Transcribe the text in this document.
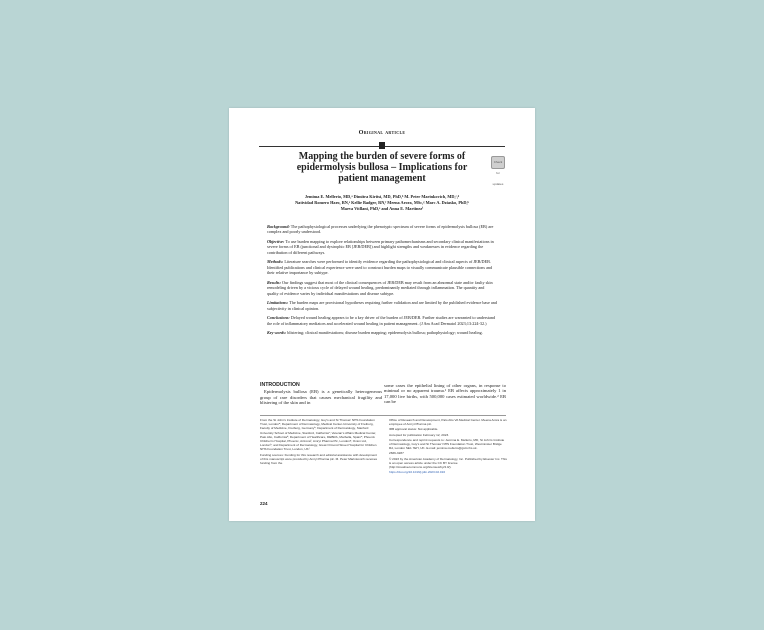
Original article
Check for updates
Mapping the burden of severe forms of
epidermolysis bullosa – Implications for
patient management
Jemima E. Mellerio, MD,ᵃ Dimitra Kiritsi, MD, PhD,ᵇ M. Peter Marinkovich, MD,ᶜ,ᵈ
Natividad Romero Haro, RN,ᵉ Kellie Badger, RN,ᶠ Meena Arora, MSc,ᵍ Marc A. Dziasko, PhD,ʰ
Maeva Vitllani, PhD,ᵉ and Anna E. Martinezⁱ

Background: The pathophysiological processes underlying the phenotypic spectrum of severe forms of epidermolysis bullosa (EB) are complex and poorly understood.

Objective: To use burden mapping to explore relationships between primary pathomechanisms and secondary clinical manifestations in severe forms of EB (junctional and dystrophic EB [JEB/DEB]) and highlight strengths and weaknesses in evidence regarding the contribution of different pathways.

Methods: Literature searches were performed to identify evidence regarding the pathophysiological and clinical aspects of JEB/DEB. Identified publications and clinical experience were used to construct burden maps to visually communicate plausible connections and their relative importance by subtype.

Results: Our findings suggest that most of the clinical consequences of JEB/DEB may result from an abnormal state and/or faulty skin remodeling driven by a vicious cycle of delayed wound healing, predominantly mediated through inflammation. The quantity and quality of evidence varies by individual manifestations and disease subtype.

Limitations: The burden maps are provisional hypotheses requiring further validation and are limited by the published evidence base and subjectivity in clinical opinion.

Conclusions: Delayed wound healing appears to be a key driver of the burden of JEB/DEB. Further studies are warranted to understand the role of inflammatory mediators and accelerated wound healing in patient management. (J Am Acad Dermatol 2023;13:224-32.)

Key words: blistering; clinical manifestations; disease burden mapping; epidermolysis bullosa; pathophysiology; wound healing.

INTRODUCTION

Epidermolysis bullosa (EB) is a genetically heterogeneous group of rare disorders that causes mechanical fragility and blistering of the skin and in

some cases the epithelial lining of other organs, in response to minimal or no apparent trauma.¹ EB affects approximately 1 in 17,000 live births, with 500,000 cases estimated worldwide.² EB can be

From the St John's Institute of Dermatology, Guy's and St Thomas' NHS Foundation Trust, Londonᵃ; Department of Dermatology, Medical Center-University of Freiburg, Faculty of Medicine, Freiburg, Germanyᵇ; Department of Dermatology, Stanford University School of Medicine, Stanford, Californiaᶜ; Veteran's Affairs Medical Center, Palo Alto, Californiaᵈ; Department of Healthcare, DEBRA, Marbella, Spainᵉ; Phoenix Children's Hospital, Phoenix, Arizonaᶠ; Amryt Pharma Plc, Londonᵍ; Oxion Ltd, Londonʰ; and Department of Dermatology, Great Ormond Street Hospital for Children NHS Foundation Trust, London, UK.ⁱ

Funding sources: Funding for this research and editorial assistance with development of this manuscript were provided by Amryt Pharma plc. M. Peter Marinkovich receives funding from the

Office of Research and Development, Palo Alto VA Medical Center. Meena Arora is an employee of Amryt Pharma plc.

IRB approval status: Not applicable.

Accepted for publication February 12, 2023.

Correspondence and reprint requests to: Jemima E. Mellerio, MD, St John's Institute of Dermatology, Guy's and St Thomas' NHS Foundation Trust, Westminster Bridge Rd, London SE1 7EH, UK. E-mail: jemima.mellerio@gstt.nhs.uk.

2666-3287

© 2023 by the American Academy of Dermatology, Inc. Published by Elsevier Inc. This is an open access article under the CC BY license (http://creativecommons.org/licenses/by/4.0/).

https://doi.org/10.1016/j.jdin.2023.02.016

224
